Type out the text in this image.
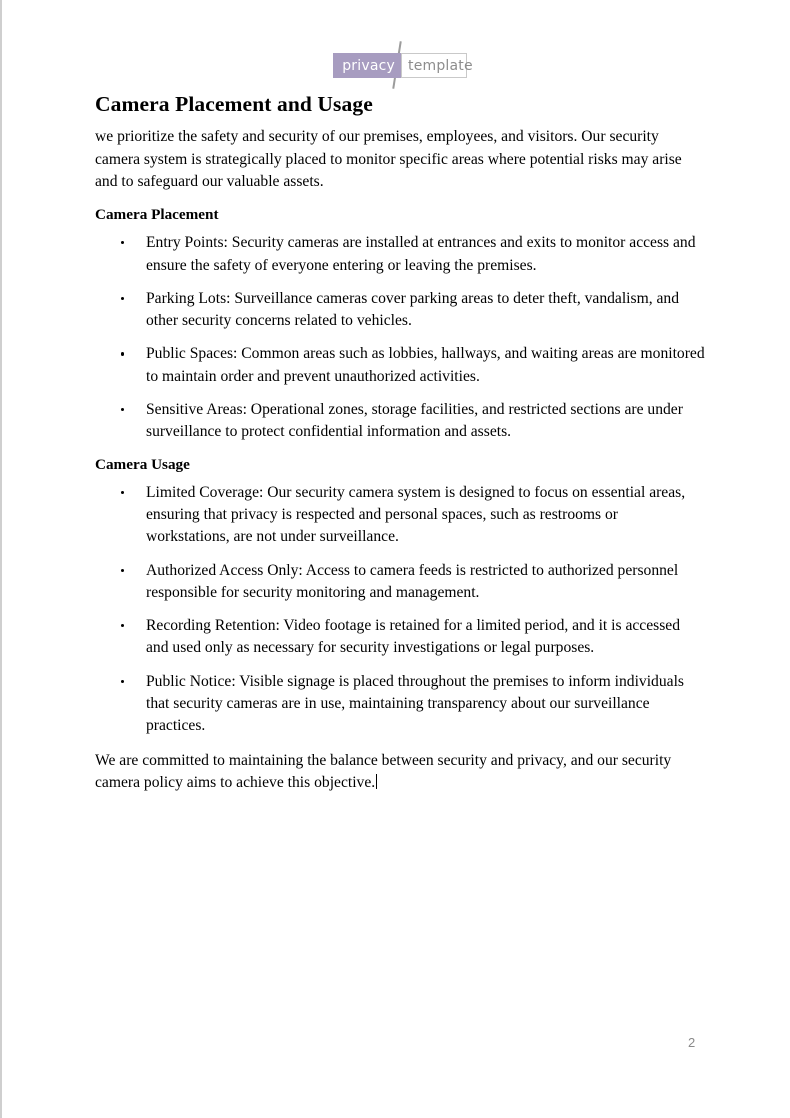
privacy template
Camera Placement and Usage

we prioritize the safety and security of our premises, employees, and visitors. Our security camera system is strategically placed to monitor specific areas where potential risks may arise and to safeguard our valuable assets.

Camera Placement
Entry Points: Security cameras are installed at entrances and exits to monitor access and ensure the safety of everyone entering or leaving the premises.
Parking Lots: Surveillance cameras cover parking areas to deter theft, vandalism, and other security concerns related to vehicles.
Public Spaces: Common areas such as lobbies, hallways, and waiting areas are monitored to maintain order and prevent unauthorized activities.
Sensitive Areas: Operational zones, storage facilities, and restricted sections are under surveillance to protect confidential information and assets.
Camera Usage
Limited Coverage: Our security camera system is designed to focus on essential areas, ensuring that privacy is respected and personal spaces, such as restrooms or workstations, are not under surveillance.
Authorized Access Only: Access to camera feeds is restricted to authorized personnel responsible for security monitoring and management.
Recording Retention: Video footage is retained for a limited period, and it is accessed and used only as necessary for security investigations or legal purposes.
Public Notice: Visible signage is placed throughout the premises to inform individuals that security cameras are in use, maintaining transparency about our surveillance practices.

We are committed to maintaining the balance between security and privacy, and our security camera policy aims to achieve this objective.

2
